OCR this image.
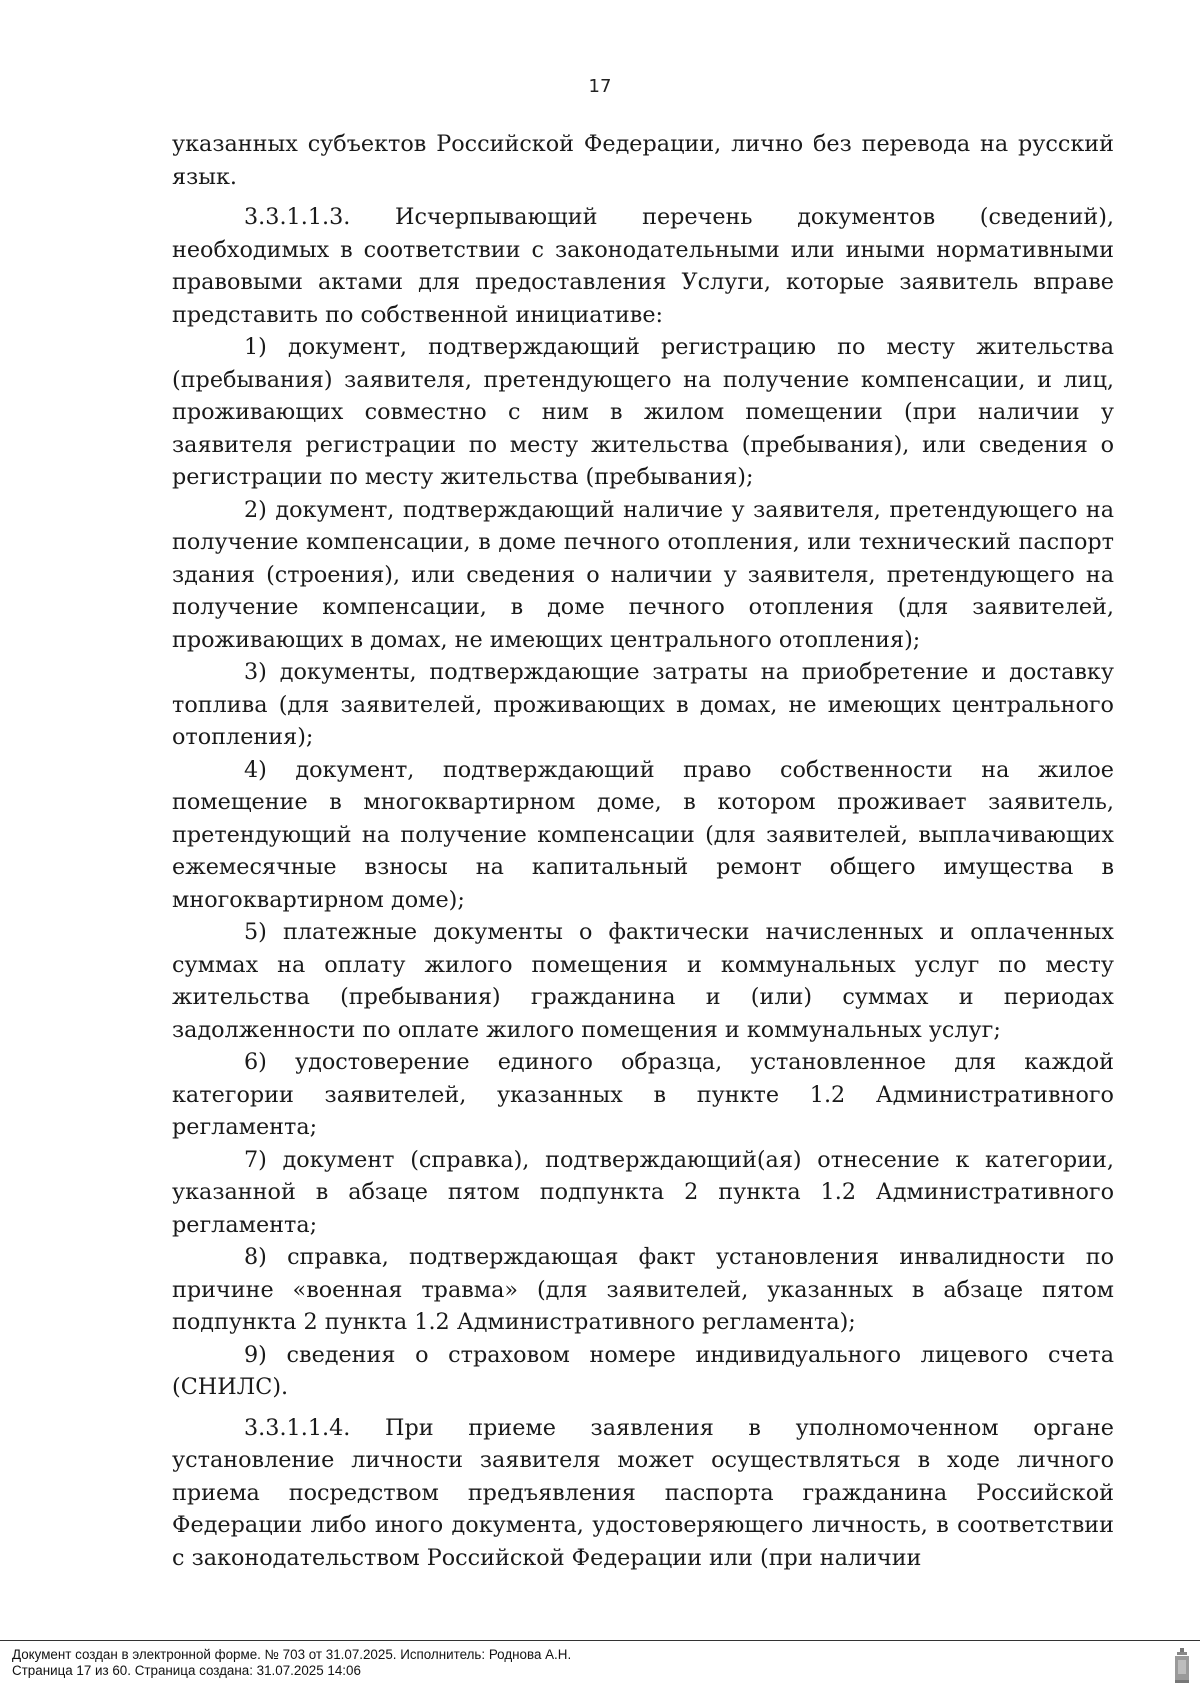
17

указанных субъектов Российской Федерации, лично без перевода на русский язык.

3.3.1.1.3. Исчерпывающий перечень документов (сведений), необходимых в соответствии с законодательными или иными нормативными правовыми актами для предоставления Услуги, которые заявитель вправе представить по собственной инициативе:

1) документ, подтверждающий регистрацию по месту жительства (пребывания) заявителя, претендующего на получение компенсации, и лиц, проживающих совместно с ним в жилом помещении (при наличии у заявителя регистрации по месту жительства (пребывания), или сведения о регистрации по месту жительства (пребывания);

2) документ, подтверждающий наличие у заявителя, претендующего на получение компенсации, в доме печного отопления, или технический паспорт здания (строения), или сведения о наличии у заявителя, претендующего на получение компенсации, в доме печного отопления (для заявителей, проживающих в домах, не имеющих центрального отопления);

3) документы, подтверждающие затраты на приобретение и доставку топлива (для заявителей, проживающих в домах, не имеющих центрального отопления);

4) документ, подтверждающий право собственности на жилое помещение в многоквартирном доме, в котором проживает заявитель, претендующий на получение компенсации (для заявителей, выплачивающих ежемесячные взносы на капитальный ремонт общего имущества в многоквартирном доме);

5) платежные документы о фактически начисленных и оплаченных суммах на оплату жилого помещения и коммунальных услуг по месту жительства (пребывания) гражданина и (или) суммах и периодах задолженности по оплате жилого помещения и коммунальных услуг;

6) удостоверение единого образца, установленное для каждой категории заявителей, указанных в пункте 1.2 Административного регламента;

7) документ (справка), подтверждающий(ая) отнесение к категории, указанной в абзаце пятом подпункта 2 пункта 1.2 Административного регламента;

8) справка, подтверждающая факт установления инвалидности по причине «военная травма» (для заявителей, указанных в абзаце пятом подпункта 2 пункта 1.2 Административного регламента);

9) сведения о страховом номере индивидуального лицевого счета (СНИЛС).

3.3.1.1.4. При приеме заявления в уполномоченном органе установление личности заявителя может осуществляться в ходе личного приема посредством предъявления паспорта гражданина Российской Федерации либо иного документа, удостоверяющего личность, в соответствии с законодательством Российской Федерации или (при наличии

Документ создан в электронной форме. № 703 от 31.07.2025. Исполнитель: Роднова А.Н.
Страница 17 из 60. Страница создана: 31.07.2025 14:06
